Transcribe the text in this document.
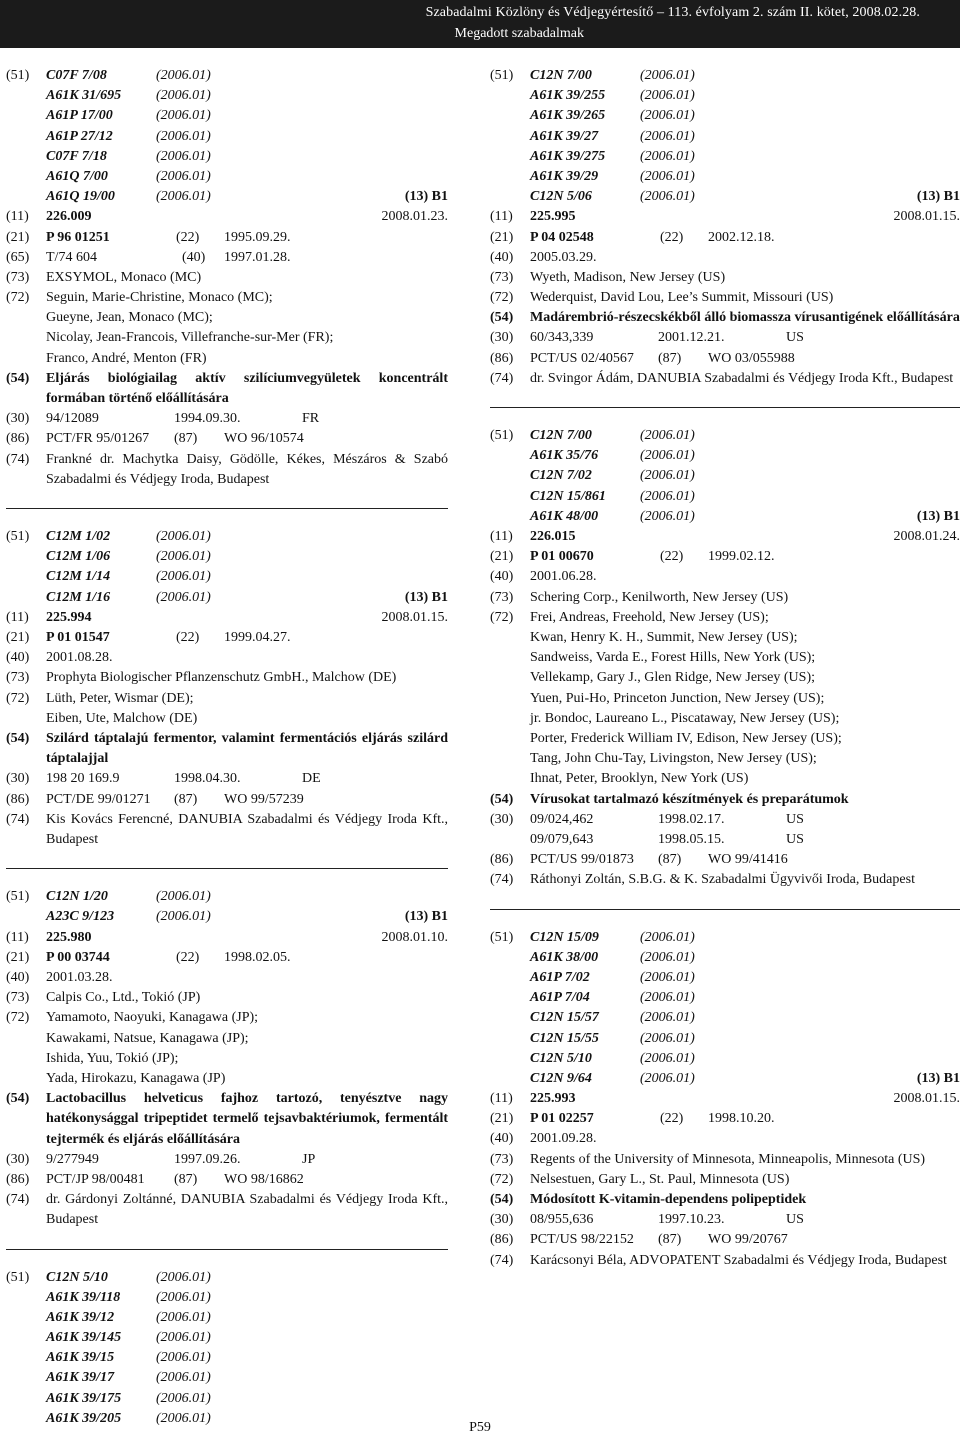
Szabadalmi Közlöny és Védjegyértesítő – 113. évfolyam 2. szám II. kötet, 2008.02.28.
Megadott szabadalmak
(51)	C07F 7/08	(2006.01)
A61K 31/695 (2006.01)
A61P 17/00	(2006.01)
A61P 27/12	(2006.01)
C07F 7/18	(2006.01)
A61Q 7/00	(2006.01)
A61Q 19/00	(2006.01)	(13) B1
(11)	226.009	2008.01.23.
(21)	P 96 01251	(22) 1995.09.29.
(65)	T/74 604	(40) 1997.01.28.
(73)	EXSYMOL, Monaco (MC)
(72)	Seguin, Marie-Christine, Monaco (MC);
Gueyne, Jean, Monaco (MC);
Nicolay, Jean-Francois, Villefranche-sur-Mer (FR);
Franco, André, Menton (FR)
(54)	Eljárás biológiailag aktív szilíciumvegyületek koncentrált formában történő előállítására
(30)	94/12089	1994.09.30.	FR
(86)	PCT/FR 95/01267 (87) WO 96/10574
(74)	Frankné dr. Machytka Daisy, Gödölle, Kékes, Mészáros & Szabó Szabadalmi és Védjegy Iroda, Budapest
(51)	C12M 1/02	(2006.01)
C12M 1/06	(2006.01)
C12M 1/14	(2006.01)
C12M 1/16	(2006.01)	(13) B1
(11)	225.994	2008.01.15.
(21)	P 01 01547	(22) 1999.04.27.
(40)	2001.08.28.
(73)	Prophyta Biologischer Pflanzenschutz GmbH., Malchow (DE)
(72)	Lüth, Peter, Wismar (DE);
Eiben, Ute, Malchow (DE)
(54)	Szilárd táptalajú fermentor, valamint fermentációs eljárás szilárd táptalajjal
(30)	198 20 169.9	1998.04.30.	DE
(86)	PCT/DE 99/01271 (87) WO 99/57239
(74)	Kis Kovács Ferencné, DANUBIA Szabadalmi és Védjegy Iroda Kft., Budapest
(51)	C12N 1/20	(2006.01)
A23C 9/123	(2006.01)	(13) B1
(11)	225.980	2008.01.10.
(21)	P 00 03744	(22) 1998.02.05.
(40)	2001.03.28.
(73)	Calpis Co., Ltd., Tokió (JP)
(72)	Yamamoto, Naoyuki, Kanagawa (JP);
Kawakami, Natsue, Kanagawa (JP);
Ishida, Yuu, Tokió (JP);
Yada, Hirokazu, Kanagawa (JP)
(54)	Lactobacillus helveticus fajhoz tartozó, tenyésztve nagy hatékonysággal tripeptidet termelő tejsavbaktériumok, fermentált tejtermék és eljárás előállítására
(30)	9/277949	1997.09.26.	JP
(86)	PCT/JP 98/00481 (87) WO 98/16862
(74)	dr. Gárdonyi Zoltánné, DANUBIA Szabadalmi és Védjegy Iroda Kft., Budapest
(51)	C12N 5/10	(2006.01)
A61K 39/118	(2006.01)
A61K 39/12	(2006.01)
A61K 39/145 (2006.01)
A61K 39/15	(2006.01)
A61K 39/17	(2006.01)
A61K 39/175 (2006.01)
A61K 39/205 (2006.01)
(51)	C12N 7/00	(2006.01)
A61K 39/255 (2006.01)
A61K 39/265 (2006.01)
A61K 39/27	(2006.01)
A61K 39/275 (2006.01)
A61K 39/29	(2006.01)
C12N 5/06	(2006.01)	(13) B1
(11)	225.995	2008.01.15.
(21)	P 04 02548	(22) 2002.12.18.
(40)	2005.03.29.
(73)	Wyeth, Madison, New Jersey (US)
(72)	Wederquist, David Lou, Lee’s Summit, Missouri (US)
(54)	Madárembrió-részecskékből álló biomassza vírusantigének előállítására
(30)	60/343,339	2001.12.21.	US
(86)	PCT/US 02/40567 (87) WO 03/055988
(74)	dr. Svingor Ádám, DANUBIA Szabadalmi és Védjegy Iroda Kft., Budapest
(51)	C12N 7/00	(2006.01)
A61K 35/76	(2006.01)
C12N 7/02	(2006.01)
C12N 15/861 (2006.01)
A61K 48/00	(2006.01)	(13) B1
(11)	226.015	2008.01.24.
(21)	P 01 00670	(22) 1999.02.12.
(40)	2001.06.28.
(73)	Schering Corp., Kenilworth, New Jersey (US)
(72)	Frei, Andreas, Freehold, New Jersey (US);
Kwan, Henry K. H., Summit, New Jersey (US);
Sandweiss, Varda E., Forest Hills, New York (US);
Vellekamp, Gary J., Glen Ridge, New Jersey (US);
Yuen, Pui-Ho, Princeton Junction, New Jersey (US);
jr. Bondoc, Laureano L., Piscataway, New Jersey (US);
Porter, Frederick William IV, Edison, New Jersey (US);
Tang, John Chu-Tay, Livingston, New Jersey (US);
Ihnat, Peter, Brooklyn, New York (US)
(54)	Vírusokat tartalmazó készítmények és preparátumok
(30)	09/024,462	1998.02.17.	US
09/079,643	1998.05.15.	US
(86)	PCT/US 99/01873 (87) WO 99/41416
(74)	Ráthonyi Zoltán, S.B.G. & K. Szabadalmi Ügyvivői Iroda, Budapest
(51)	C12N 15/09	(2006.01)
A61K 38/00	(2006.01)
A61P 7/02	(2006.01)
A61P 7/04	(2006.01)
C12N 15/57	(2006.01)
C12N 15/55	(2006.01)
C12N 5/10	(2006.01)
C12N 9/64	(2006.01)	(13) B1
(11)	225.993	2008.01.15.
(21)	P 01 02257	(22) 1998.10.20.
(40)	2001.09.28.
(73)	Regents of the University of Minnesota, Minneapolis, Minnesota (US)
(72)	Nelsestuen, Gary L., St. Paul, Minnesota (US)
(54)	Módosított K-vitamin-dependens polipeptidek
(30)	08/955,636	1997.10.23.	US
(86)	PCT/US 98/22152 (87) WO 99/20767
(74)	Karácsonyi Béla, ADVOPATENT Szabadalmi és Védjegy Iroda, Budapest
P59
